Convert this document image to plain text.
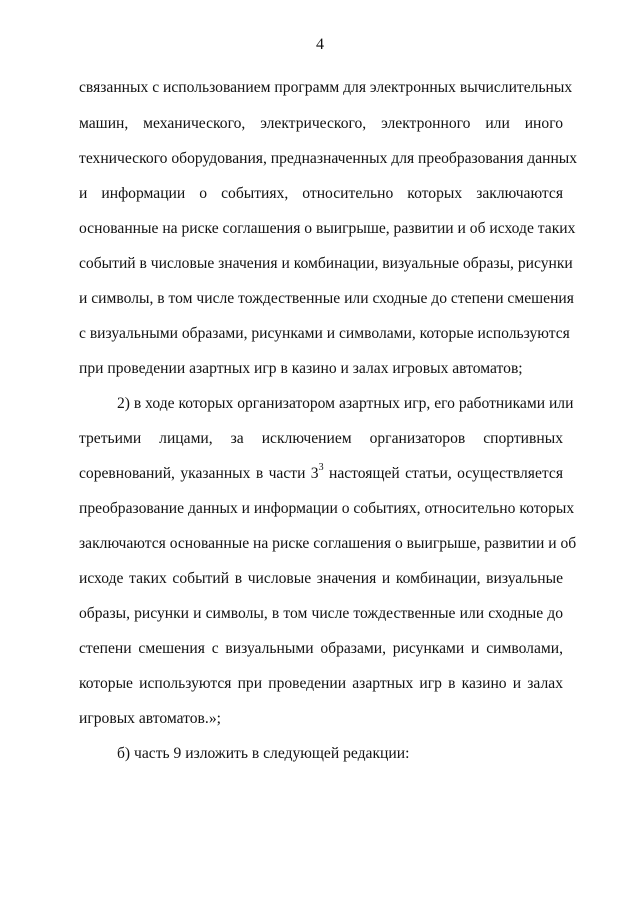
4
связанных с использованием программ для электронных вычислительных
машин, механического, электрического, электронного или иного
технического оборудования, предназначенных для преобразования данных
и информации о событиях, относительно которых заключаются
основанные на риске соглашения о выигрыше, развитии и об исходе таких
событий в числовые значения и комбинации, визуальные образы, рисунки
и символы, в том числе тождественные или сходные до степени смешения
с визуальными образами, рисунками и символами, которые используются
при проведении азартных игр в казино и залах игровых автоматов;
2) в ходе которых организатором азартных игр, его работниками или
третьими лицами, за исключением организаторов спортивных
соревнований, указанных в части $3^3$ настоящей статьи, осуществляется
преобразование данных и информации о событиях, относительно которых
заключаются основанные на риске соглашения о выигрыше, развитии и об
исходе таких событий в числовые значения и комбинации, визуальные
образы, рисунки и символы, в том числе тождественные или сходные до
степени смешения с визуальными образами, рисунками и символами,
которые используются при проведении азартных игр в казино и залах
игровых автоматов.»;
б) часть 9 изложить в следующей редакции:
